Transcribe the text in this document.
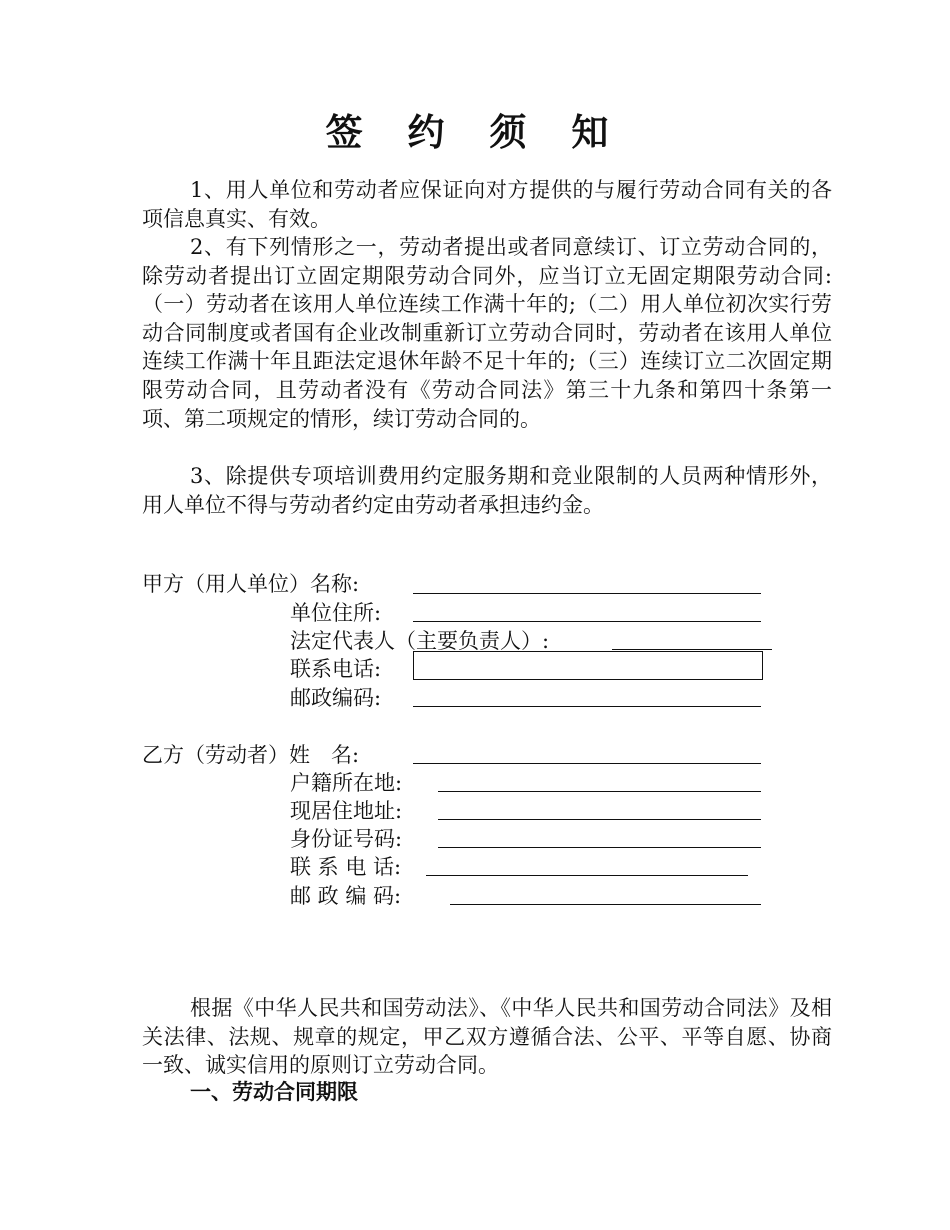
签 约 须 知

1、用人单位和劳动者应保证向对方提供的与履行劳动合同有关的各项信息真实、有效。

2、有下列情形之一，劳动者提出或者同意续订、订立劳动合同的，除劳动者提出订立固定期限劳动合同外，应当订立无固定期限劳动合同:（一）劳动者在该用人单位连续工作满十年的;（二）用人单位初次实行劳动合同制度或者国有企业改制重新订立劳动合同时，劳动者在该用人单位连续工作满十年且距法定退休年龄不足十年的;（三）连续订立二次固定期限劳动合同，且劳动者没有《劳动合同法》第三十九条和第四十条第一项、第二项规定的情形，续订劳动合同的。

3、除提供专项培训费用约定服务期和竞业限制的人员两种情形外，用人单位不得与劳动者约定由劳动者承担违约金。

甲方（用人单位）名称:
单位住所:
法定代表人（主要负责人）:
联系电话:
邮政编码:
乙方（劳动者）姓　名:
户籍所在地:
现居住地址:
身份证号码:
联 系 电 话:
邮 政 编 码:

根据《中华人民共和国劳动法》、《中华人民共和国劳动合同法》及相关法律、法规、规章的规定，甲乙双方遵循合法、公平、平等自愿、协商一致、诚实信用的原则订立劳动合同。

一、劳动合同期限
